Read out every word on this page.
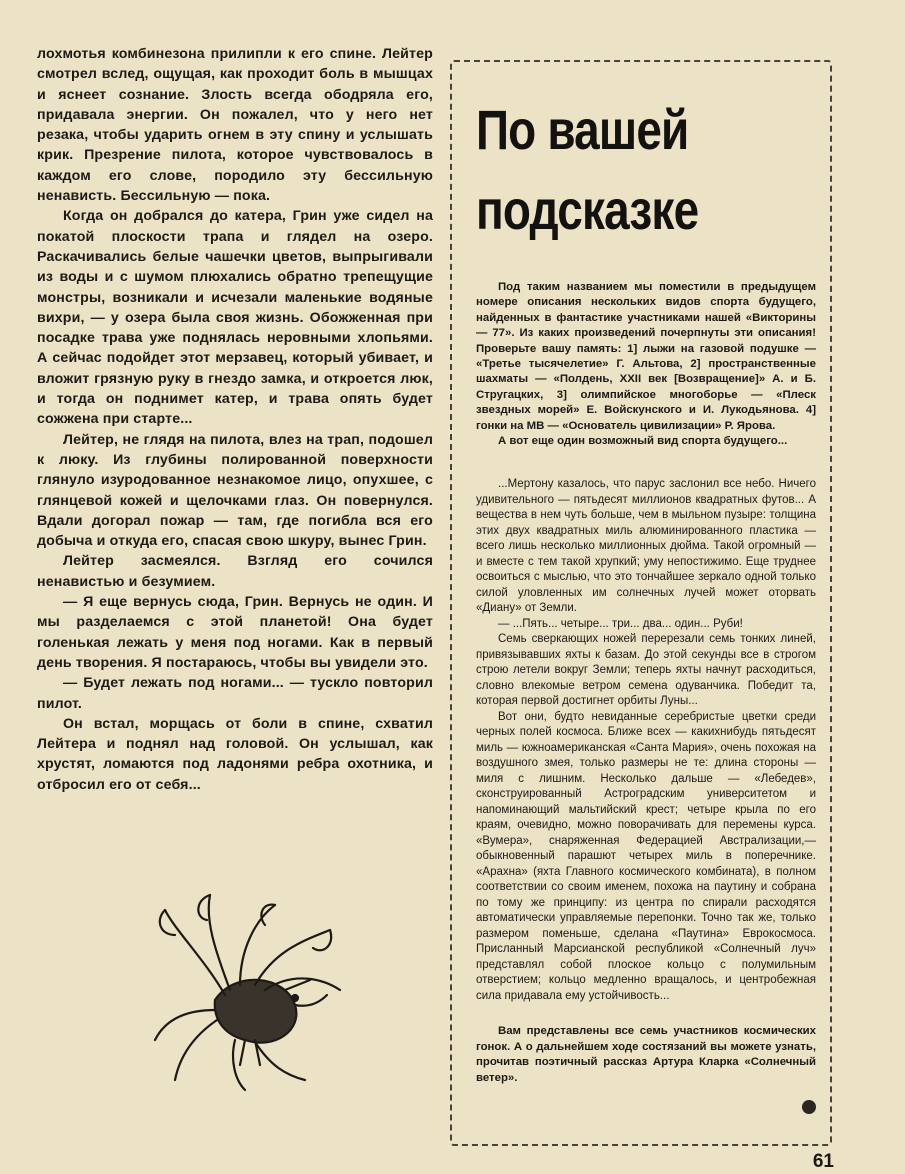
лохмотья комбинезона прилипли к его спине. Лейтер смотрел вслед, ощущая, как проходит боль в мышцах и яснеет сознание. Злость всегда ободряла его, придавала энергии. Он пожалел, что у него нет резака, чтобы ударить огнем в эту спину и услышать крик. Презрение пилота, которое чувствовалось в каждом его слове, породило эту бессильную ненависть. Бессильную — пока.

Когда он добрался до катера, Грин уже сидел на покатой плоскости трапа и глядел на озеро. Раскачивались белые чашечки цветов, выпрыгивали из воды и с шумом плюхались обратно трепещущие монстры, возникали и исчезали маленькие водяные вихри, — у озера была своя жизнь. Обожженная при посадке трава уже поднялась неровными хлопьями. А сейчас подойдет этот мерзавец, который убивает, и вложит грязную руку в гнездо замка, и откроется люк, и тогда он поднимет катер, и трава опять будет сожжена при старте...

Лейтер, не глядя на пилота, влез на трап, подошел к люку. Из глубины полированной поверхности глянуло изуродованное незнакомое лицо, опухшее, с глянцевой кожей и щелочками глаз. Он повернулся. Вдали догорал пожар — там, где погибла вся его добыча и откуда его, спасая свою шкуру, вынес Грин.

Лейтер засмеялся. Взгляд его сочился ненавистью и безумием.

— Я еще вернусь сюда, Грин. Вернусь не один. И мы разделаемся с этой планетой! Она будет голенькая лежать у меня под ногами. Как в первый день творения. Я постараюсь, чтобы вы увидели это.

— Будет лежать под ногами... — тускло повторил пилот.

Он встал, морщась от боли в спине, схватил Лейтера и поднял над головой. Он услышал, как хрустят, ломаются под ладонями ребра охотника, и отбросил его от себя...

По вашей
подсказке

Под таким названием мы поместили в предыдущем номере описания нескольких видов спорта будущего, найденных в фантастике участниками нашей «Викторины — 77». Из каких произведений почерпнуты эти описания! Проверьте вашу память: 1] лыжи на газовой подушке — «Третье тысячелетие» Г. Альтова, 2] пространственные шахматы — «Полдень, XXII век [Возвращение]» А. и Б. Стругацких, 3] олимпийское многоборье — «Плеск звездных морей» Е. Войскунского и И. Лукодьянова. 4] гонки на МВ — «Основатель цивилизации» Р. Ярова.

А вот еще один возможный вид спорта будущего...

...Мертону казалось, что парус заслонил все небо. Ничего удивительного — пятьдесят миллионов квадратных футов... А вещества в нем чуть больше, чем в мыльном пузыре: толщина этих двух квадратных миль алюминированного пластика — всего лишь несколько миллионных дюйма. Такой огромный — и вместе с тем такой хрупкий; уму непостижимо. Еще труднее освоиться с мыслью, что это тончайшее зеркало одной только силой уловленных им солнечных лучей может оторвать «Диану» от Земли.

— ...Пять... четыре... три... два... один... Руби!

Семь сверкающих ножей перерезали семь тонких линей, привязывавших яхты к базам. До этой секунды все в строгом строю летели вокруг Земли; теперь яхты начнут расходиться, словно влекомые ветром семена одуванчика. Победит та, которая первой достигнет орбиты Луны...

Вот они, будто невиданные серебристые цветки среди черных полей космоса. Ближе всех — какихнибудь пятьдесят миль — южноамериканская «Санта Мария», очень похожая на воздушного змея, только размеры не те: длина стороны — миля с лишним. Несколько дальше — «Лебедев», сконструированный Астроградским университетом и напоминающий мальтийский крест; четыре крыла по его краям, очевидно, можно поворачивать для перемены курса. «Вумера», снаряженная Федерацией Австрализации,— обыкновенный парашют четырех миль в поперечнике. «Арахна» (яхта Главного космического комбината), в полном соответствии со своим именем, похожа на паутину и собрана по тому же принципу: из центра по спирали расходятся автоматически управляемые перепонки. Точно так же, только размером поменьше, сделана «Паутина» Еврокосмоса. Присланный Марсианской республикой «Солнечный луч» представлял собой плоское кольцо с полумильным отверстием; кольцо медленно вращалось, и центробежная сила придавала ему устойчивость...

Вам представлены все семь участников космических гонок. А о дальнейшем ходе состязаний вы можете узнать, прочитав поэтичный рассказ Артура Кларка «Солнечный ветер».

61
